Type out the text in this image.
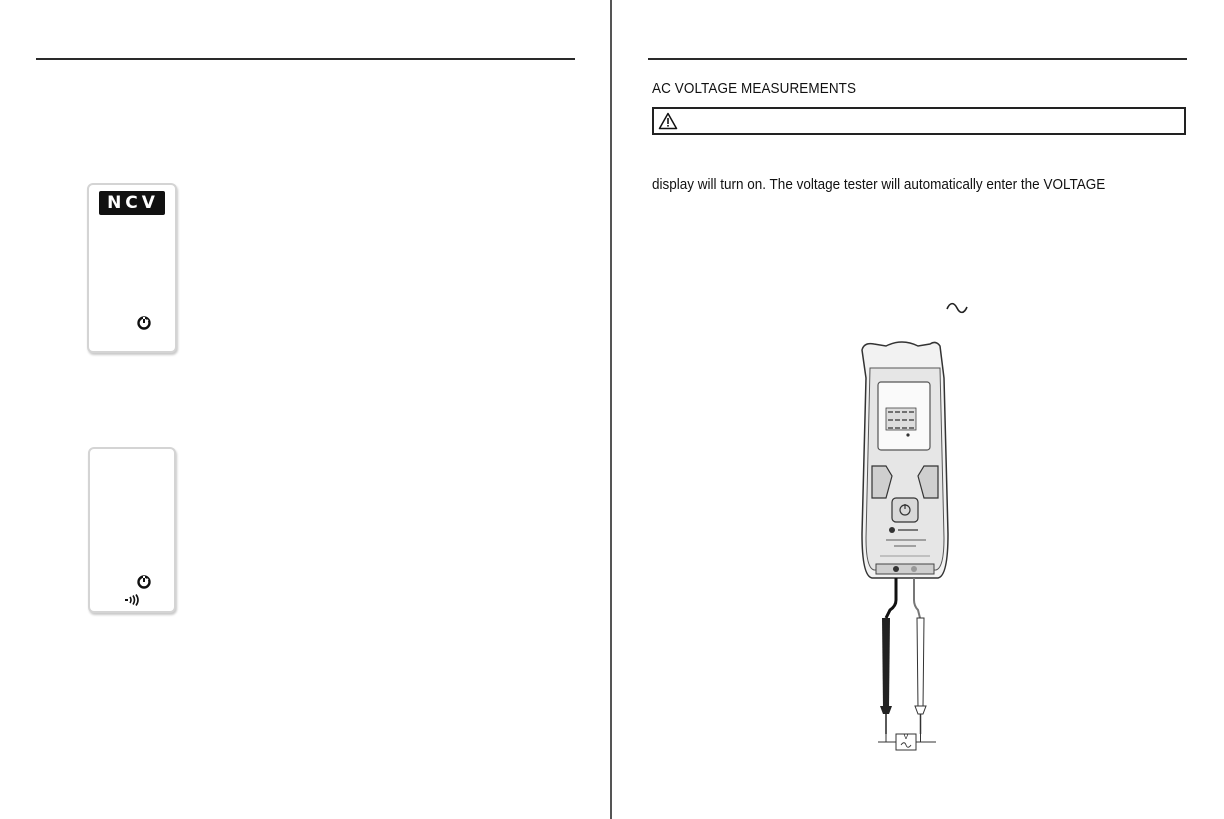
NCV
AC VOLTAGE MEASUREMENTS
display will turn on. The voltage tester will automatically enter the VOLTAGE
V
